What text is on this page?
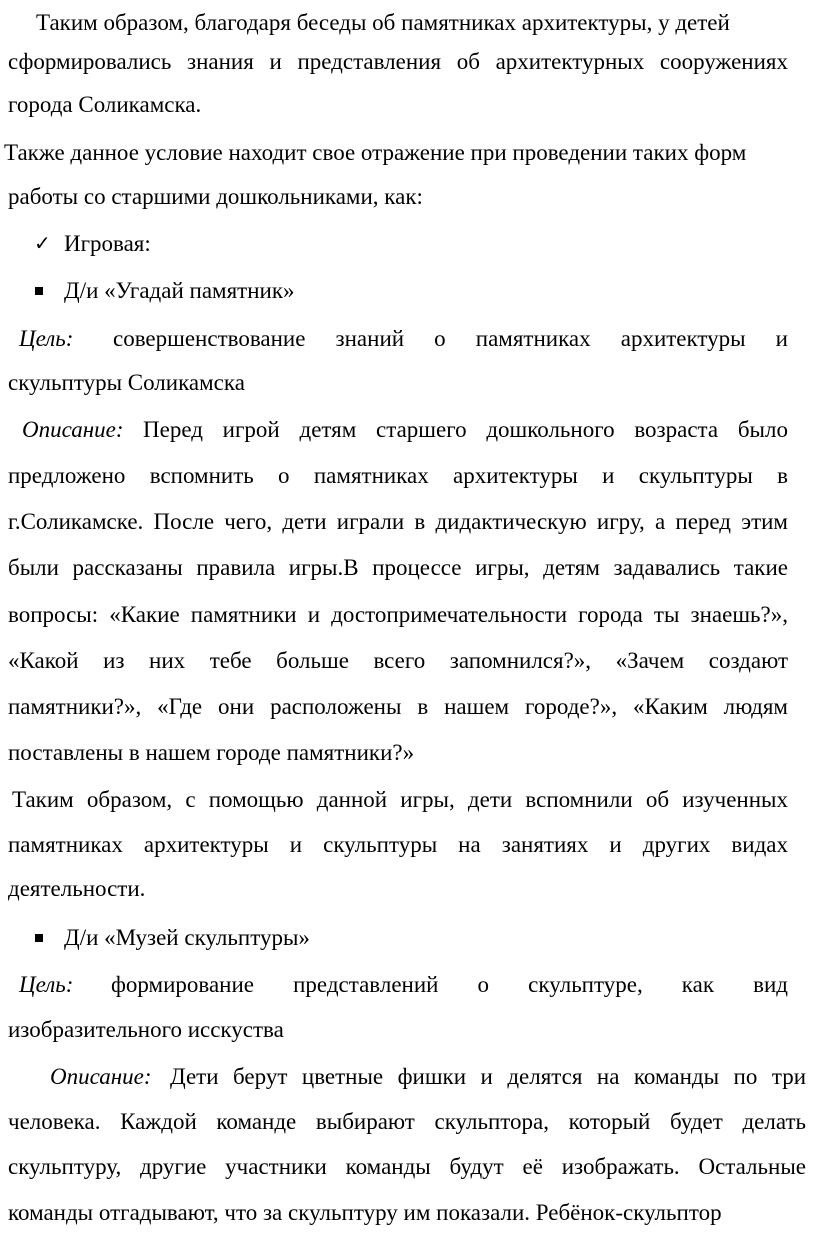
Таким образом, благодаря беседы об памятниках архитектуры, у детей
сформировались знания и представления об архитектурных сооружениях
города Соликамска.
Также данное условие находит свое отражение при проведении таких форм
работы со старшими дошкольниками, как:
✓ Игровая:
Д/и «Угадай памятник»
Цель:	совершенствование знаний о памятниках архитектуры и
скульптуры Соликамска
Описание: Перед игрой детям старшего дошкольного возраста было
предложено вспомнить о памятниках архитектуры и скульптуры в
г.Соликамске. После чего, дети играли в дидактическую игру, а перед этим
были рассказаны правила игры.В процессе игры, детям задавались такие
вопросы: «Какие памятники и достопримечательности города ты знаешь?»,
«Какой из них тебе больше всего запомнился?», «Зачем создают
памятники?», «Где они расположены в нашем городе?», «Каким людям
поставлены в нашем городе памятники?»
Таким образом, с помощью данной игры, дети вспомнили об изученных
памятниках архитектуры и скульптуры на занятиях и других видах
деятельности.
Д/и «Музей скульптуры»
Цель:	формирование представлений о скульптуре, как вид
изобразительного исскуства
Описание: Дети берут цветные фишки и делятся на команды по три
человека. Каждой команде выбирают скульптора, который будет делать
скульптуру, другие участники команды будут её изображать. Остальные
команды отгадывают, что за скульптуру им показали. Ребёнок-скульптор
